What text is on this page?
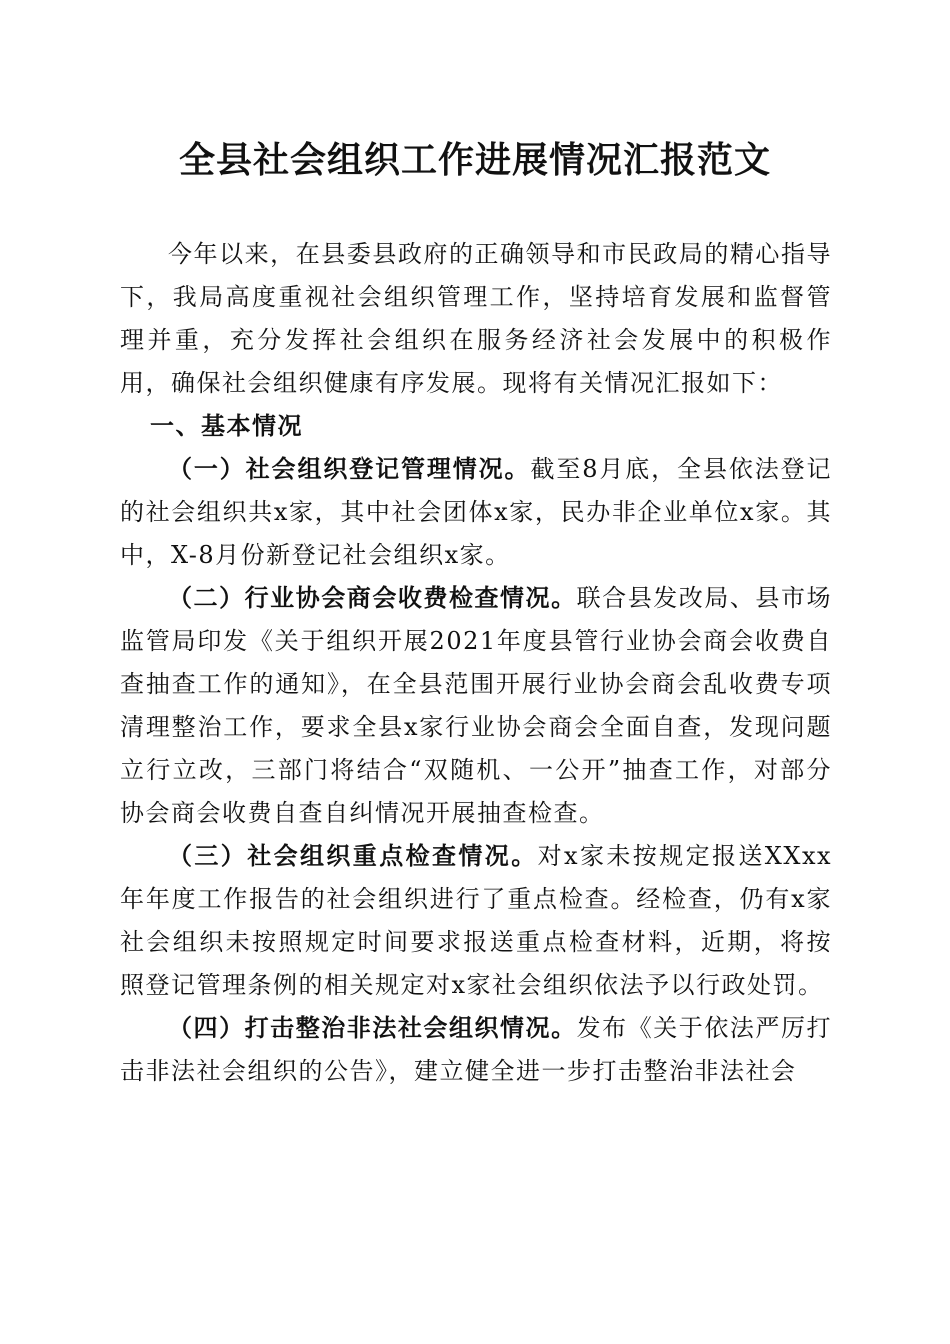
全县社会组织工作进展情况汇报范文

今年以来，在县委县政府的正确领导和市民政局的精心指导下，我局高度重视社会组织管理工作，坚持培育发展和监督管理并重，充分发挥社会组织在服务经济社会发展中的积极作用，确保社会组织健康有序发展。现将有关情况汇报如下：

一、基本情况

（一）社会组织登记管理情况。截至8月底，全县依法登记的社会组织共x家，其中社会团体x家，民办非企业单位x家。其中，X-8月份新登记社会组织x家。

（二）行业协会商会收费检查情况。联合县发改局、县市场监管局印发《关于组织开展2021年度县管行业协会商会收费自查抽查工作的通知》，在全县范围开展行业协会商会乱收费专项清理整治工作，要求全县x家行业协会商会全面自查，发现问题立行立改，三部门将结合“双随机、一公开”抽查工作，对部分协会商会收费自查自纠情况开展抽查检查。

（三）社会组织重点检查情况。对x家未按规定报送XXxx年年度工作报告的社会组织进行了重点检查。经检查，仍有x家社会组织未按照规定时间要求报送重点检查材料，近期，将按照登记管理条例的相关规定对x家社会组织依法予以行政处罚。

（四）打击整治非法社会组织情况。发布《关于依法严厉打击非法社会组织的公告》，建立健全进一步打击整治非法社会
